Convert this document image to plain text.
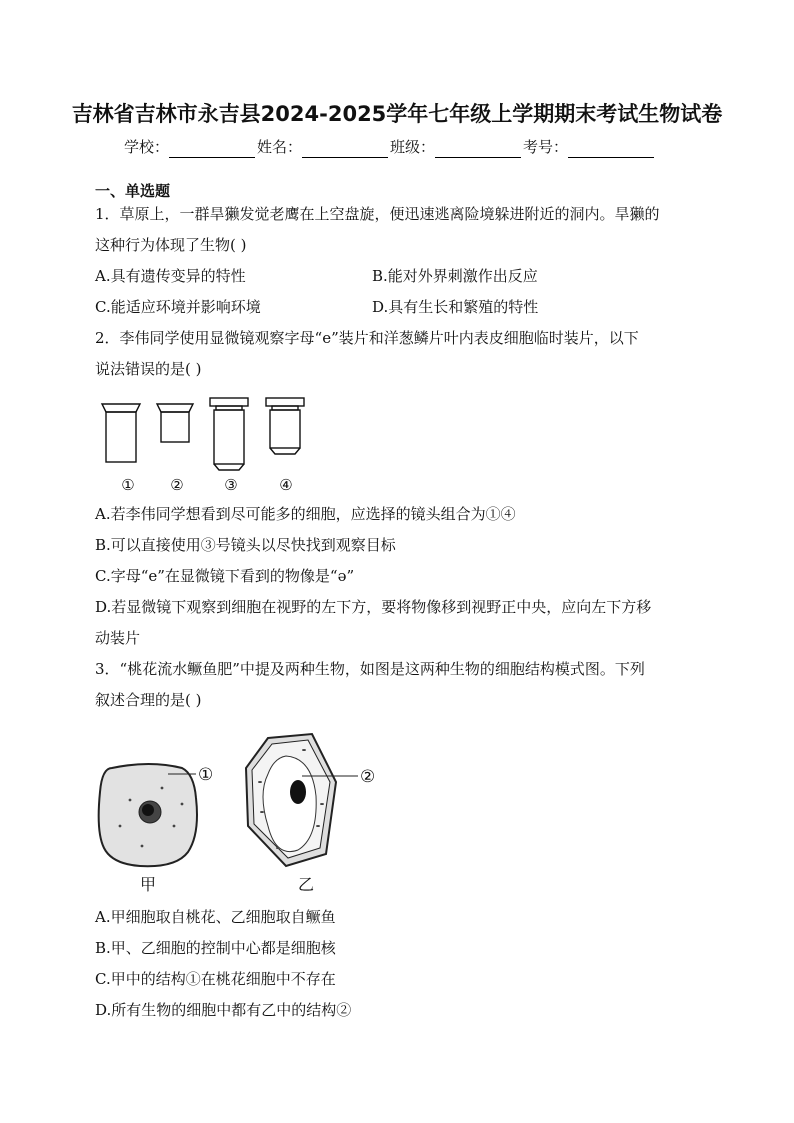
吉林省吉林市永吉县2024-2025学年七年级上学期期末考试生物试卷
学校：	姓名：	班级：	考号：
一、单选题
1．草原上，一群旱獭发觉老鹰在上空盘旋，便迅速逃离险境躲进附近的洞内。旱獭的
这种行为体现了生物( )
A.具有遗传变异的特性	B.能对外界刺激作出反应
C.能适应环境并影响环境	D.具有生长和繁殖的特性
2．李伟同学使用显微镜观察字母“e”装片和洋葱鳞片叶内表皮细胞临时装片，以下
说法错误的是( )
① ②	③	④
A.若李伟同学想看到尽可能多的细胞，应选择的镜头组合为①④
B.可以直接使用③号镜头以尽快找到观察目标
C.字母“e”在显微镜下看到的物像是“ə”
D.若显微镜下观察到细胞在视野的左下方，要将物像移到视野正中央，应向左下方移
动装片
3．“桃花流水鳜鱼肥”中提及两种生物，如图是这两种生物的细胞结构模式图。下列
叙述合理的是( )
①
甲
②
乙
A.甲细胞取自桃花、乙细胞取自鳜鱼
B.甲、乙细胞的控制中心都是细胞核
C.甲中的结构①在桃花细胞中不存在
D.所有生物的细胞中都有乙中的结构②
